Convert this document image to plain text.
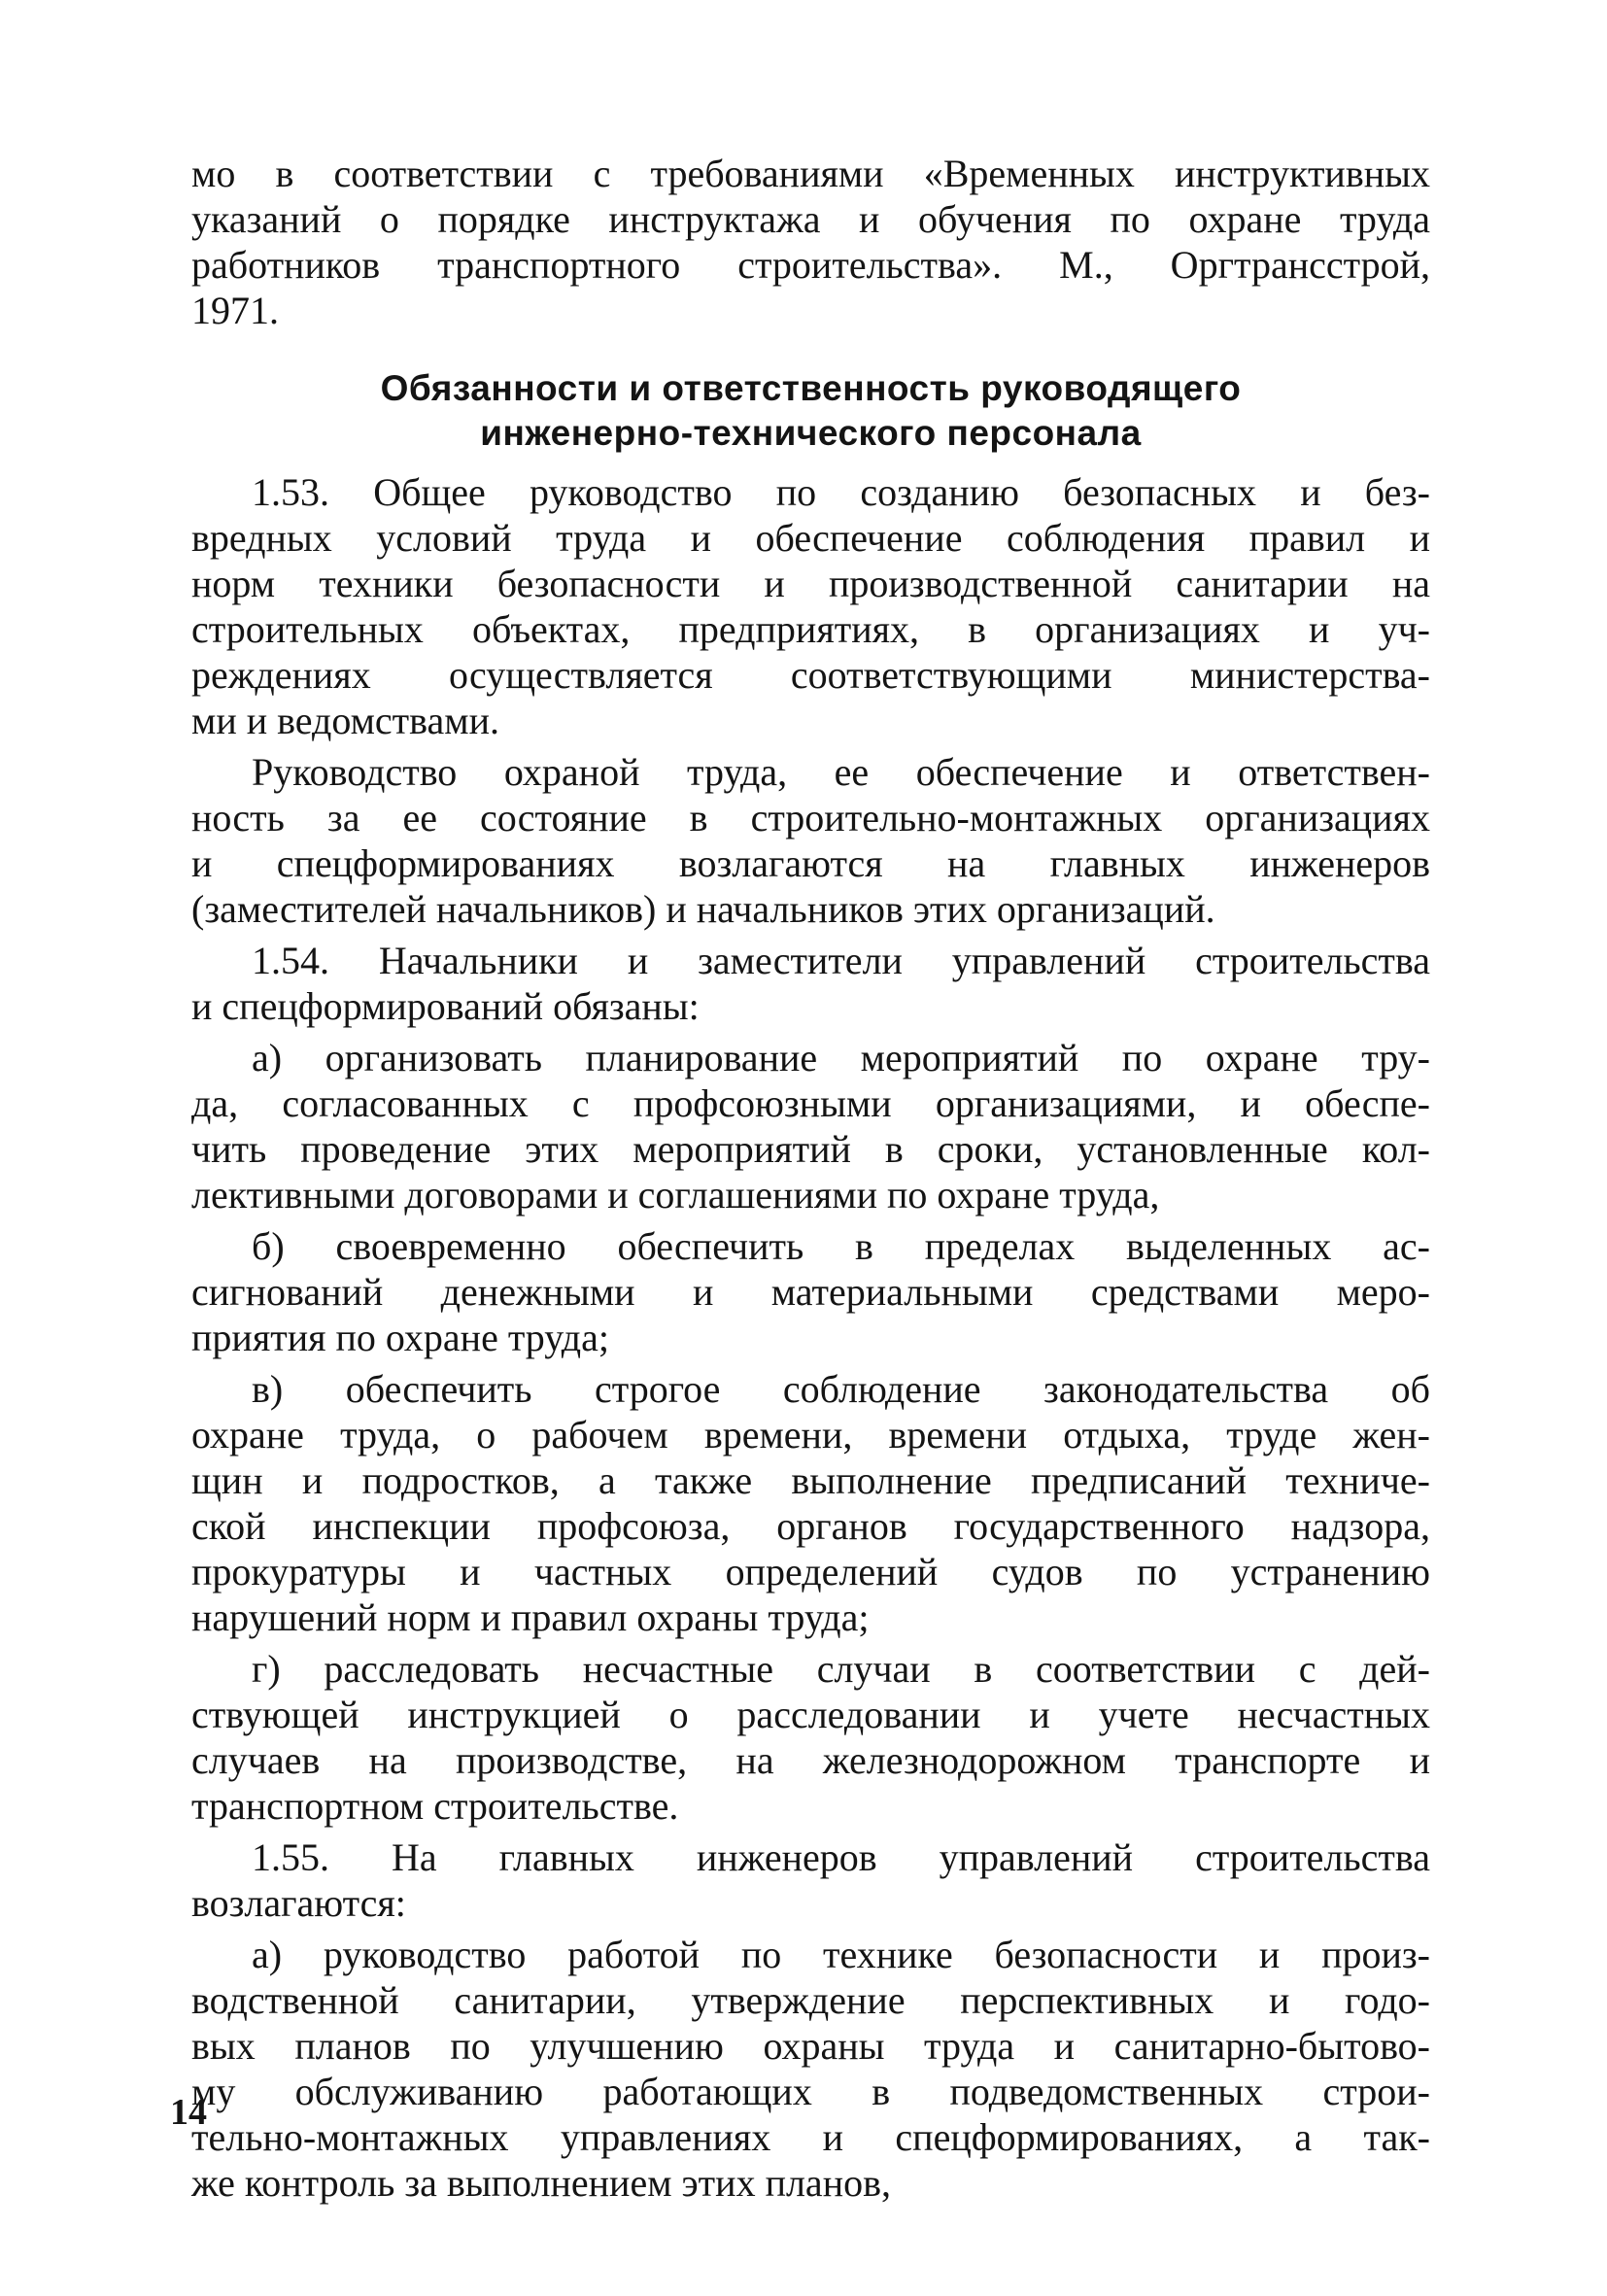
мо в соответствии с требованиями «Временных инструктивных
указаний о порядке инструктажа и обучения по охране труда
работников транспортного строительства». М., Оргтрансстрой,
1971.
Обязанности и ответственность руководящего
инженерно-технического персонала
1.53. Общее руководство по созданию безопасных и без-
вредных условий труда и обеспечение соблюдения правил и
норм техники безопасности и производственной санитарии на
строительных объектах, предприятиях, в организациях и уч-
реждениях осуществляется соответствующими министерства-
ми и ведомствами.
Руководство охраной труда, ее обеспечение и ответствен-
ность за ее состояние в строительно-монтажных организациях
и спецформированиях возлагаются на главных инженеров
(заместителей начальников) и начальников этих организаций.
1.54. Начальники и заместители управлений строительства
и спецформирований обязаны:
а) организовать планирование мероприятий по охране тру-
да, согласованных с профсоюзными организациями, и обеспе-
чить проведение этих мероприятий в сроки, установленные кол-
лективными договорами и соглашениями по охране труда,
б) своевременно обеспечить в пределах выделенных ас-
сигнований денежными и материальными средствами меро-
приятия по охране труда;
в) обеспечить строгое соблюдение законодательства об
охране труда, о рабочем времени, времени отдыха, труде жен-
щин и подростков, а также выполнение предписаний техниче-
ской инспекции профсоюза, органов государственного надзора,
прокуратуры и частных определений судов по устранению
нарушений норм и правил охраны труда;
г) расследовать несчастные случаи в соответствии с дей-
ствующей инструкцией о расследовании и учете несчастных
случаев на производстве, на железнодорожном транспорте и
транспортном строительстве.
1.55. На главных инженеров управлений строительства
возлагаются:
а) руководство работой по технике безопасности и произ-
водственной санитарии, утверждение перспективных и годо-
вых планов по улучшению охраны труда и санитарно-бытово-
му обслуживанию работающих в подведомственных строи-
тельно-монтажных управлениях и спецформированиях, а так-
же контроль за выполнением этих планов,
14
